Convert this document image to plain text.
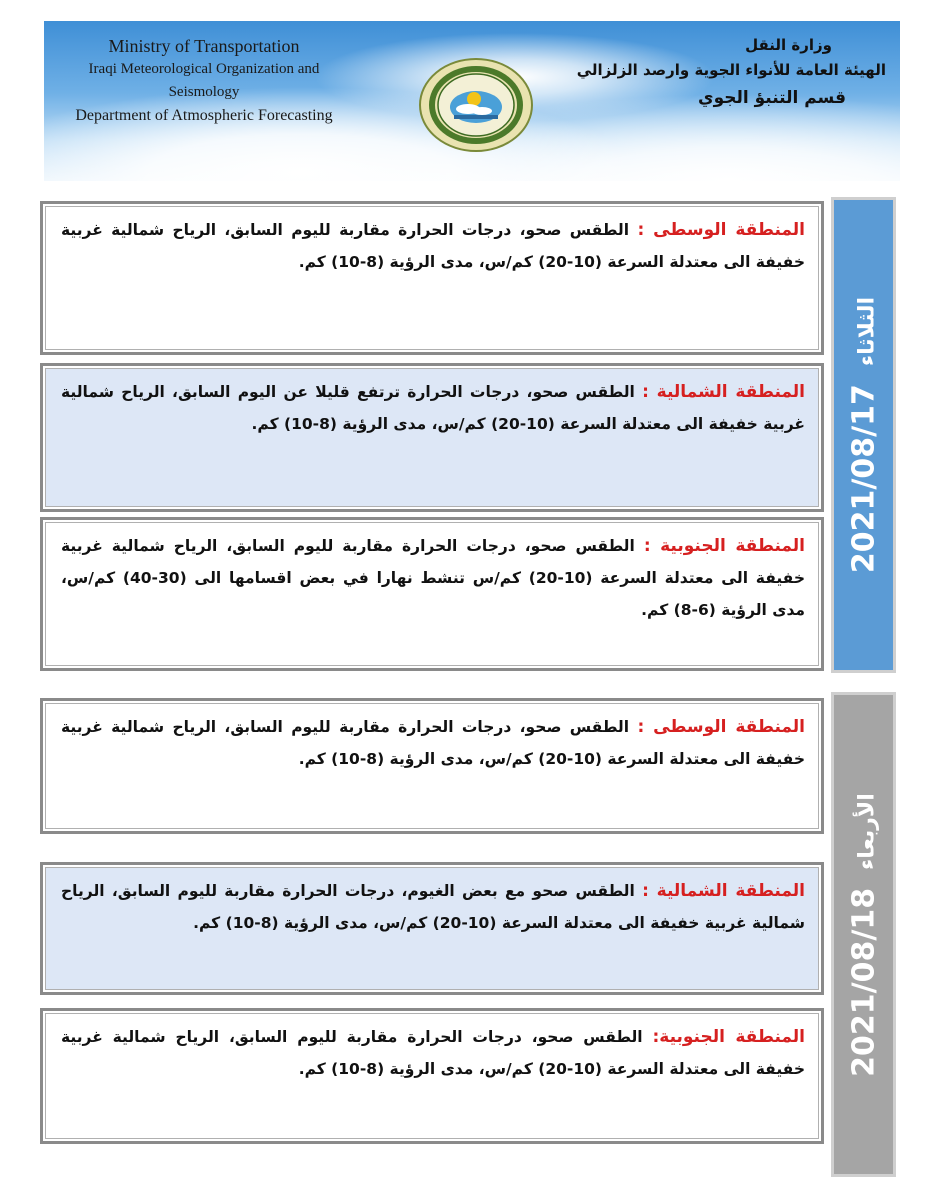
Ministry of Transportation
Iraqi Meteorological Organization and Seismology
Department of Atmospheric Forecasting
وزارة النقل
الهيئة العامة للأنواء الجوية وارصد الزلزالي
قسم التنبؤ الجوي
2021/08/17الثلاثاء
المنطقة الوسطى : الطقس صحو، درجات الحرارة مقاربة لليوم السابق، الرياح شمالية غربية خفيفة الى معتدلة السرعة (10-20) كم/س، مدى الرؤية (8-10) كم.
المنطقة الشمالية : الطقس صحو، درجات الحرارة ترتفع قليلا عن اليوم السابق، الرياح شمالية غربية خفيفة الى معتدلة السرعة (10-20) كم/س، مدى الرؤية (8-10) كم.
المنطقة الجنوبية : الطقس صحو، درجات الحرارة مقاربة لليوم السابق، الرياح شمالية غربية خفيفة الى معتدلة السرعة (10-20) كم/س تنشط نهارا في بعض اقسامها الى (30-40) كم/س، مدى الرؤية (6-8) كم.
2021/08/18الأربعاء
المنطقة الوسطى : الطقس صحو، درجات الحرارة مقاربة لليوم السابق، الرياح شمالية غربية خفيفة الى معتدلة السرعة (10-20) كم/س، مدى الرؤية (8-10) كم.
المنطقة الشمالية : الطقس صحو مع بعض الغيوم، درجات الحرارة مقاربة لليوم السابق، الرياح شمالية غربية خفيفة الى معتدلة السرعة (10-20) كم/س، مدى الرؤية (8-10) كم.
المنطقة الجنوبية: الطقس صحو، درجات الحرارة مقاربة لليوم السابق، الرياح شمالية غربية خفيفة الى معتدلة السرعة (10-20) كم/س، مدى الرؤية (8-10) كم.
